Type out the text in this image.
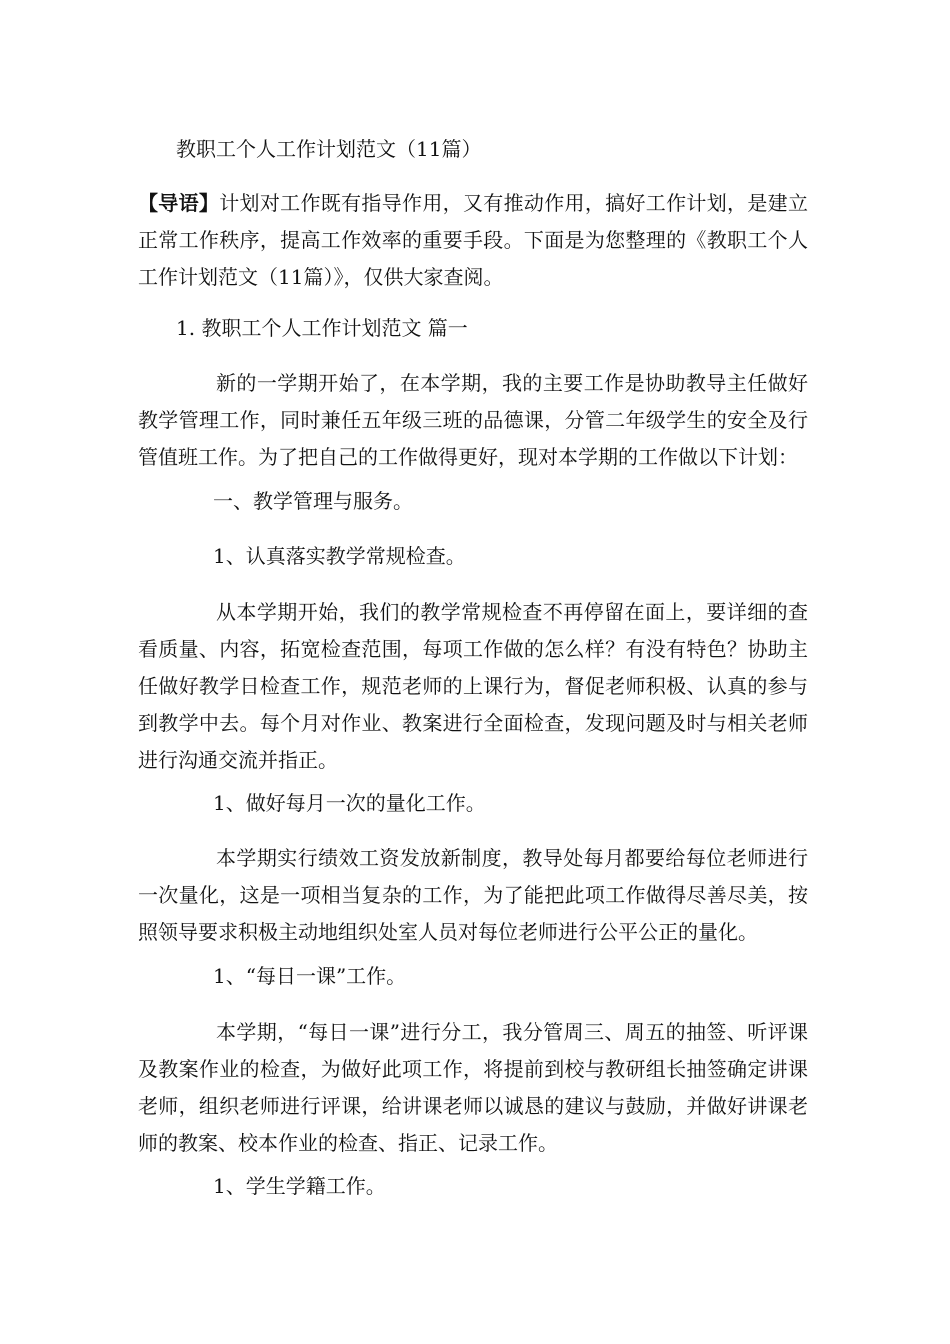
教职工个人工作计划范文（11篇）

【导语】计划对工作既有指导作用，又有推动作用，搞好工作计划，是建立正常工作秩序，提高工作效率的重要手段。下面是为您整理的《教职工个人工作计划范文（11篇）》，仅供大家查阅。

1. 教职工个人工作计划范文 篇一

新的一学期开始了，在本学期，我的主要工作是协助教导主任做好教学管理工作，同时兼任五年级三班的品德课，分管二年级学生的安全及行管值班工作。为了把自己的工作做得更好，现对本学期的工作做以下计划：

一、教学管理与服务。

1、认真落实教学常规检查。

从本学期开始，我们的教学常规检查不再停留在面上，要详细的查看质量、内容，拓宽检查范围，每项工作做的怎么样？有没有特色？协助主任做好教学日检查工作，规范老师的上课行为，督促老师积极、认真的参与到教学中去。每个月对作业、教案进行全面检查，发现问题及时与相关老师进行沟通交流并指正。

1、做好每月一次的量化工作。

本学期实行绩效工资发放新制度，教导处每月都要给每位老师进行一次量化，这是一项相当复杂的工作，为了能把此项工作做得尽善尽美，按照领导要求积极主动地组织处室人员对每位老师进行公平公正的量化。

1、“每日一课”工作。

本学期，“每日一课”进行分工，我分管周三、周五的抽签、听评课及教案作业的检查，为做好此项工作，将提前到校与教研组长抽签确定讲课老师，组织老师进行评课，给讲课老师以诚恳的建议与鼓励，并做好讲课老师的教案、校本作业的检查、指正、记录工作。

1、学生学籍工作。
